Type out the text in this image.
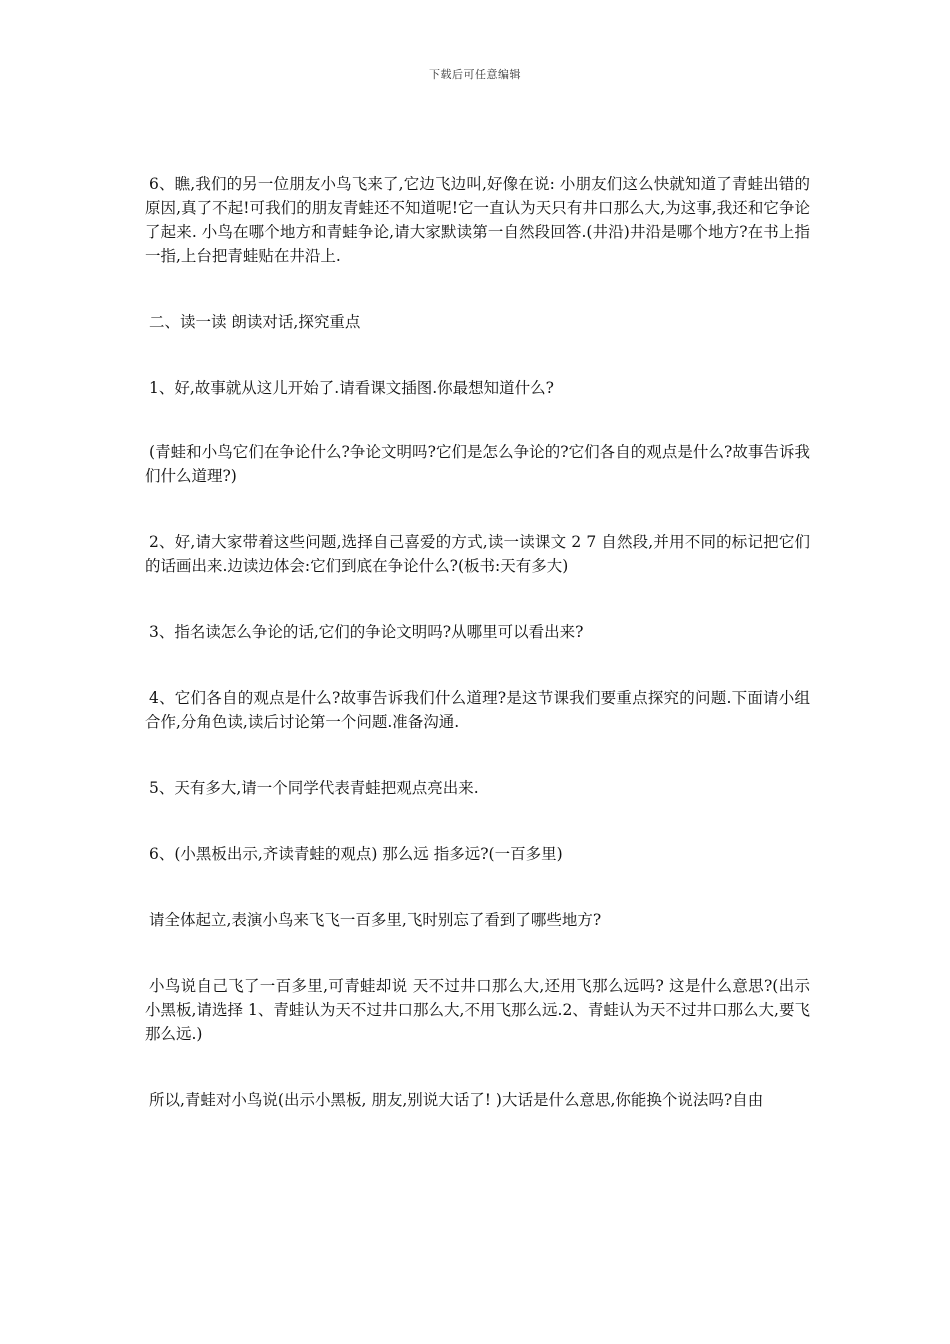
下载后可任意编辑

6、瞧,我们的另一位朋友小鸟飞来了,它边飞边叫,好像在说: 小朋友们这么快就知道了青蛙出错的原因,真了不起!可我们的朋友青蛙还不知道呢!它一直认为天只有井口那么大,为这事,我还和它争论了起来. 小鸟在哪个地方和青蛙争论,请大家默读第一自然段回答.(井沿)井沿是哪个地方?在书上指一指,上台把青蛙贴在井沿上.

二、读一读 朗读对话,探究重点

1、好,故事就从这儿开始了.请看课文插图.你最想知道什么?

(青蛙和小鸟它们在争论什么?争论文明吗?它们是怎么争论的?它们各自的观点是什么?故事告诉我们什么道理?)

2、好,请大家带着这些问题,选择自己喜爱的方式,读一读课文 2 7 自然段,并用不同的标记把它们的话画出来.边读边体会:它们到底在争论什么?(板书:天有多大)

3、指名读怎么争论的话,它们的争论文明吗?从哪里可以看出来?

4、它们各自的观点是什么?故事告诉我们什么道理?是这节课我们要重点探究的问题.下面请小组合作,分角色读,读后讨论第一个问题.准备沟通.

5、天有多大,请一个同学代表青蛙把观点亮出来.

6、(小黑板出示,齐读青蛙的观点) 那么远 指多远?(一百多里)

请全体起立,表演小鸟来飞飞一百多里,飞时别忘了看到了哪些地方?

小鸟说自己飞了一百多里,可青蛙却说 天不过井口那么大,还用飞那么远吗? 这是什么意思?(出示小黑板,请选择 1、青蛙认为天不过井口那么大,不用飞那么远.2、青蛙认为天不过井口那么大,要飞那么远.)

所以,青蛙对小鸟说(出示小黑板, 朋友,别说大话了! )大话是什么意思,你能换个说法吗?自由
